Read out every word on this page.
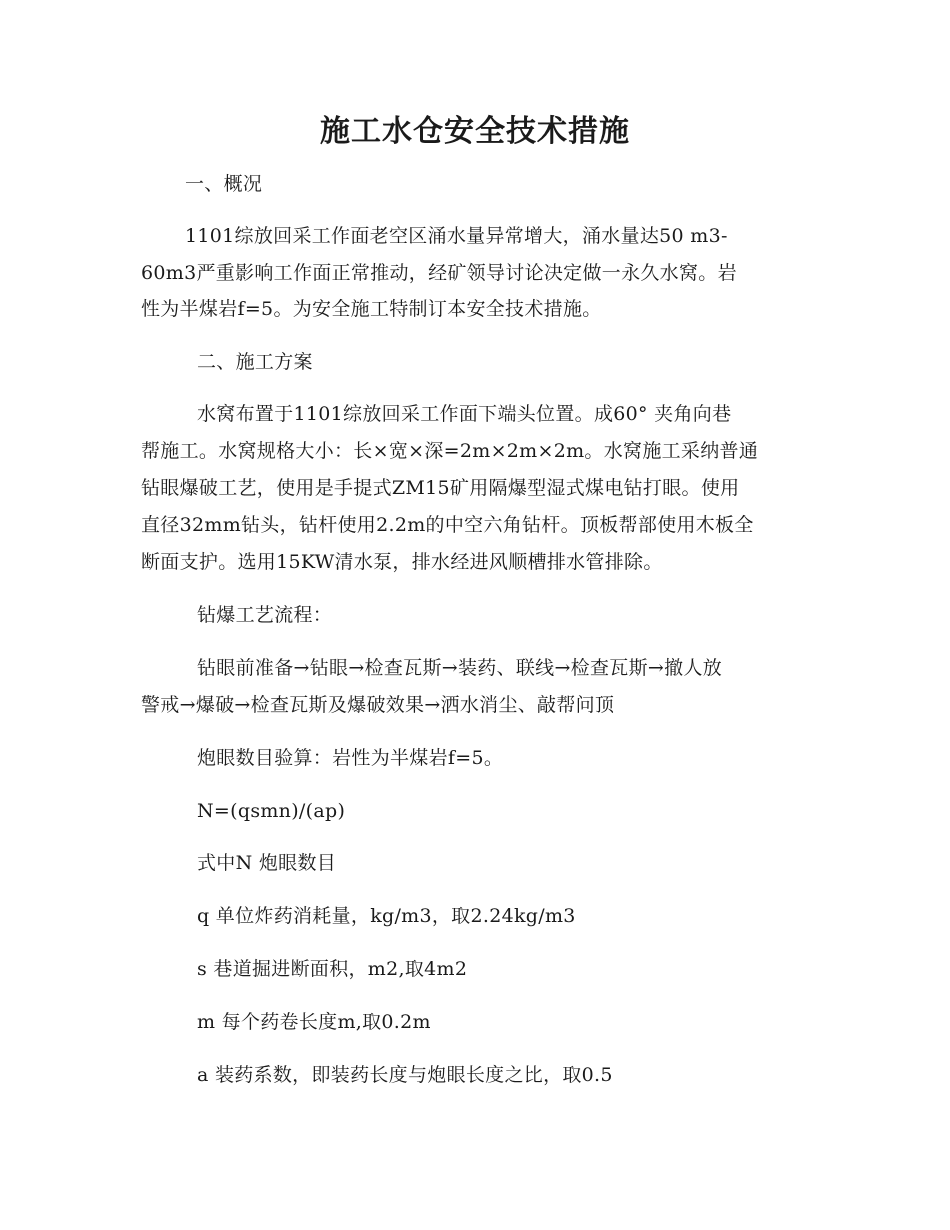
施工水仓安全技术措施
一、概况
1101综放回采工作面老空区涌水量异常增大，涌水量达50 m3-
60m3严重影响工作面正常推动，经矿领导讨论决定做一永久水窝。岩
性为半煤岩f=5。为安全施工特制订本安全技术措施。
二、施工方案
水窝布置于1101综放回采工作面下端头位置。成60° 夹角向巷
帮施工。水窝规格大小：长×宽×深=2m×2m×2m。水窝施工采纳普通
钻眼爆破工艺，使用是手提式ZM15矿用隔爆型湿式煤电钻打眼。使用
直径32mm钻头，钻杆使用2.2m的中空六角钻杆。顶板帮部使用木板全
断面支护。选用15KW清水泵，排水经进风顺槽排水管排除。
钻爆工艺流程：
钻眼前准备→钻眼→检查瓦斯→装药、联线→检查瓦斯→撤人放
警戒→爆破→检查瓦斯及爆破效果→洒水消尘、敲帮问顶
炮眼数目验算：岩性为半煤岩f=5。
N=(qsmn)/(ap)
式中N 炮眼数目
q 单位炸药消耗量，kg/m3，取2.24kg/m3
s 巷道掘进断面积，m2,取4m2
m 每个药卷长度m,取0.2m
a 装药系数，即装药长度与炮眼长度之比，取0.5
